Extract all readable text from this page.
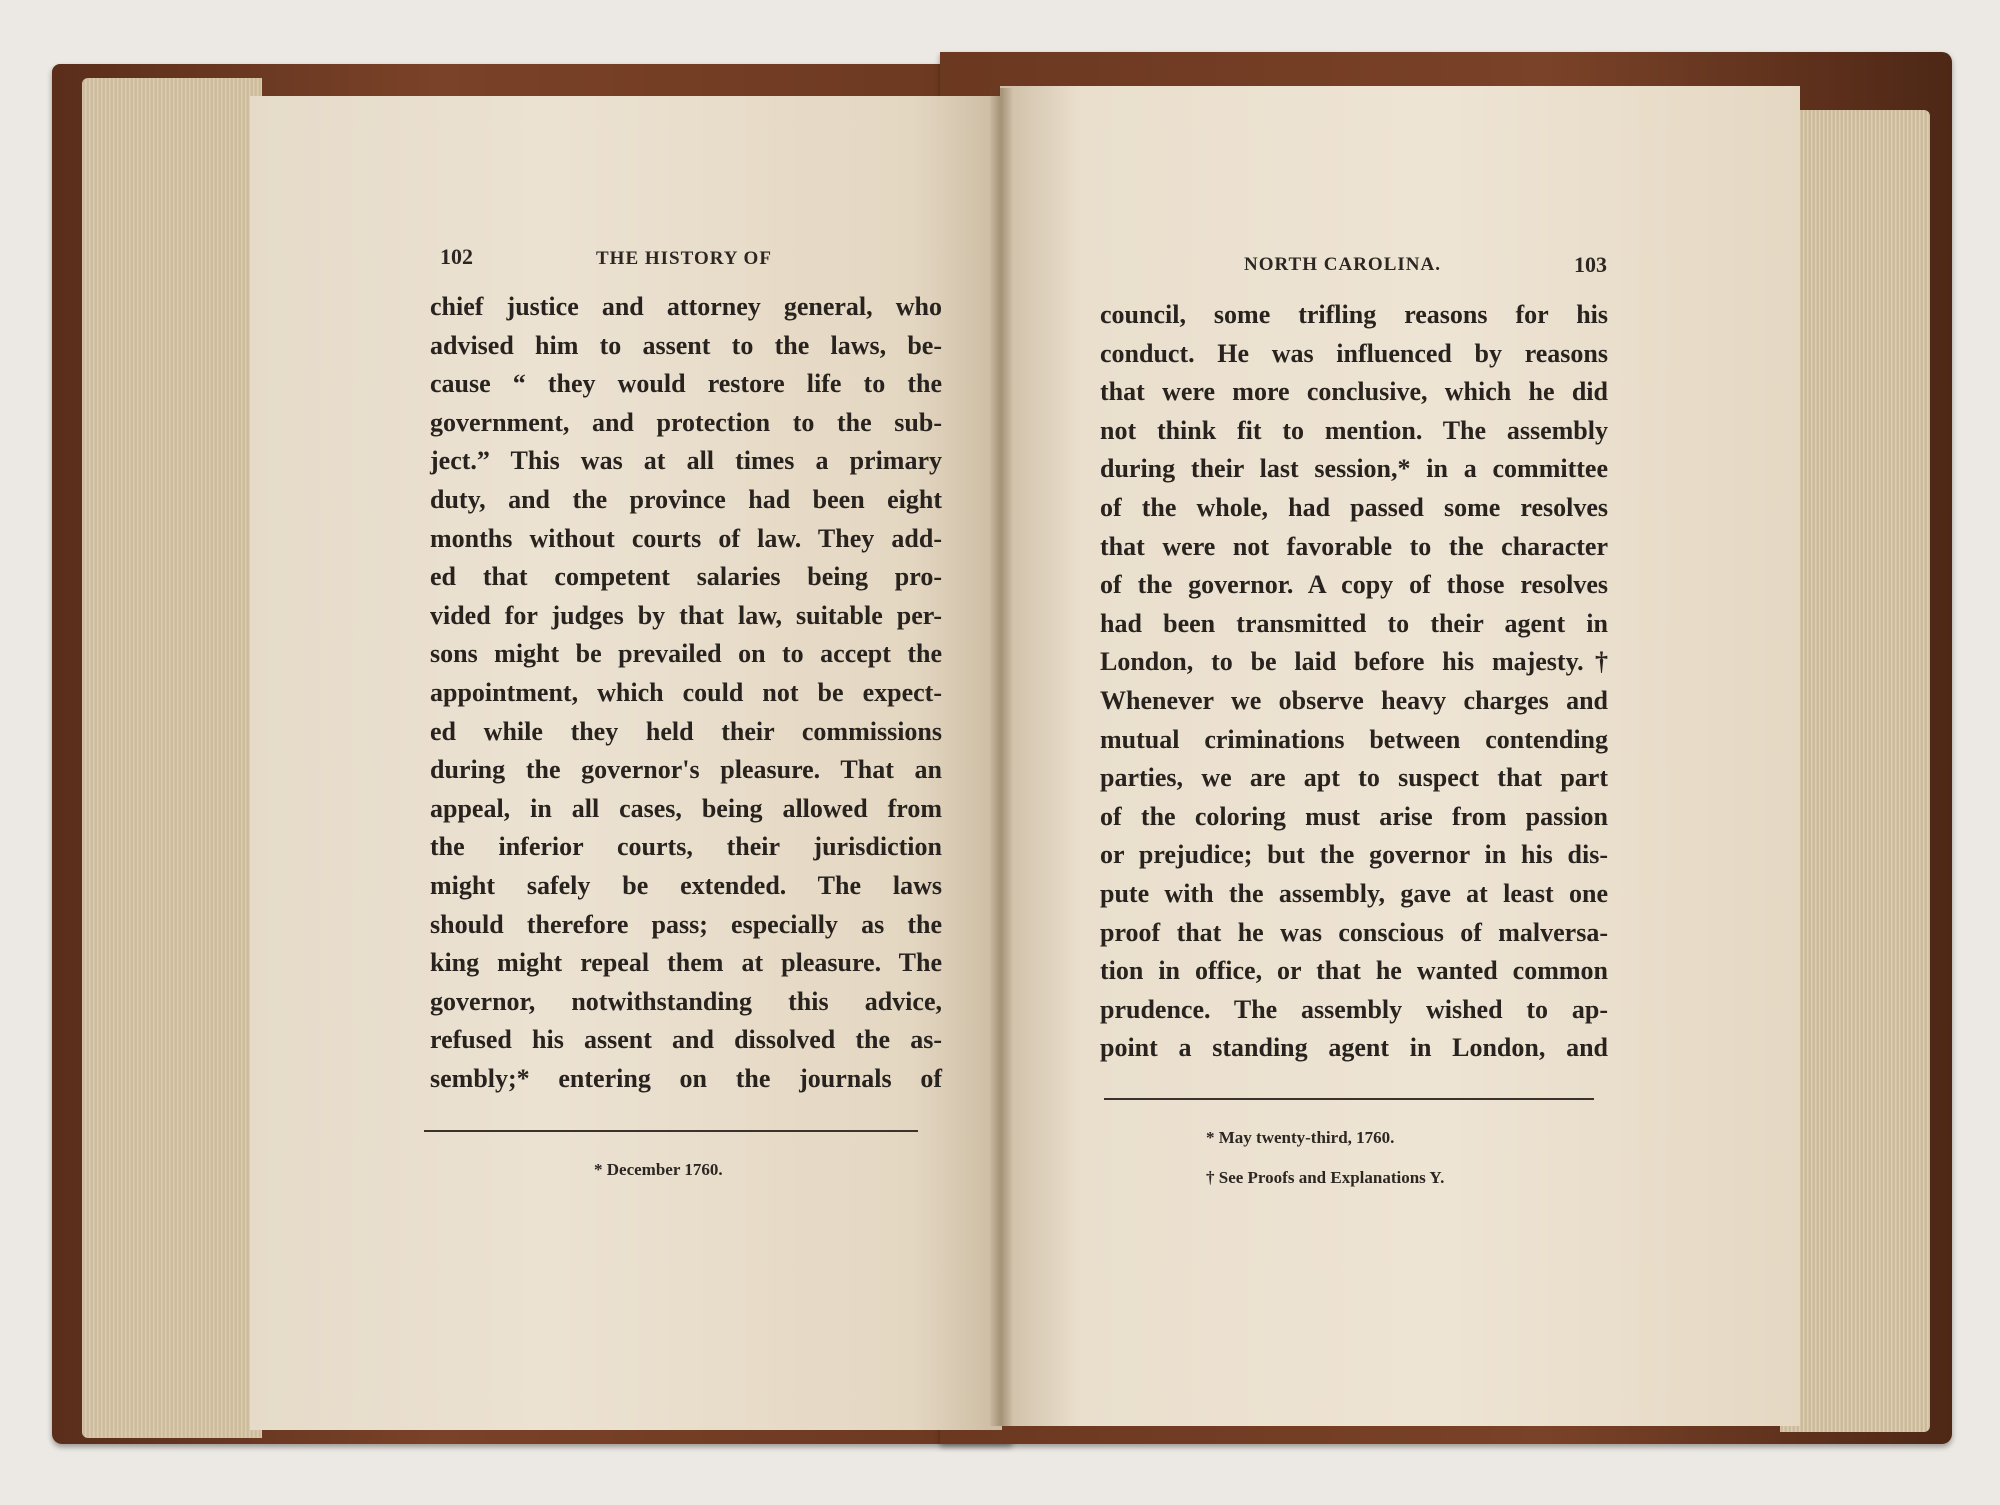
102	THE HISTORY OF
chief justice and attorney general, who
advised him to assent to the laws, be-
cause “ they would restore life to the
government, and protection to the sub-
ject.” This was at all times a primary
duty, and the province had been eight
months without courts of law. They add-
ed that competent salaries being pro-
vided for judges by that law, suitable per-
sons might be prevailed on to accept the
appointment, which could not be expect-
ed while they held their commissions
during the governor's pleasure. That an
appeal, in all cases, being allowed from
the inferior courts, their jurisdiction
might safely be extended. The laws
should therefore pass; especially as the
king might repeal them at pleasure. The
governor, notwithstanding this advice,
refused his assent and dissolved the as-
sembly;* entering on the journals of
* December 1760.
NORTH CAROLINA.	103
council, some trifling reasons for his
conduct. He was influenced by reasons
that were more conclusive, which he did
not think fit to mention. The assembly
during their last session,* in a committee
of the whole, had passed some resolves
that were not favorable to the character
of the governor. A copy of those resolves
had been transmitted to their agent in
London, to be laid before his majesty.†
Whenever we observe heavy charges and
mutual criminations between contending
parties, we are apt to suspect that part
of the coloring must arise from passion
or prejudice; but the governor in his dis-
pute with the assembly, gave at least one
proof that he was conscious of malversa-
tion in office, or that he wanted common
prudence. The assembly wished to ap-
point a standing agent in London, and
* May twenty-third, 1760.
† See Proofs and Explanations Y.
